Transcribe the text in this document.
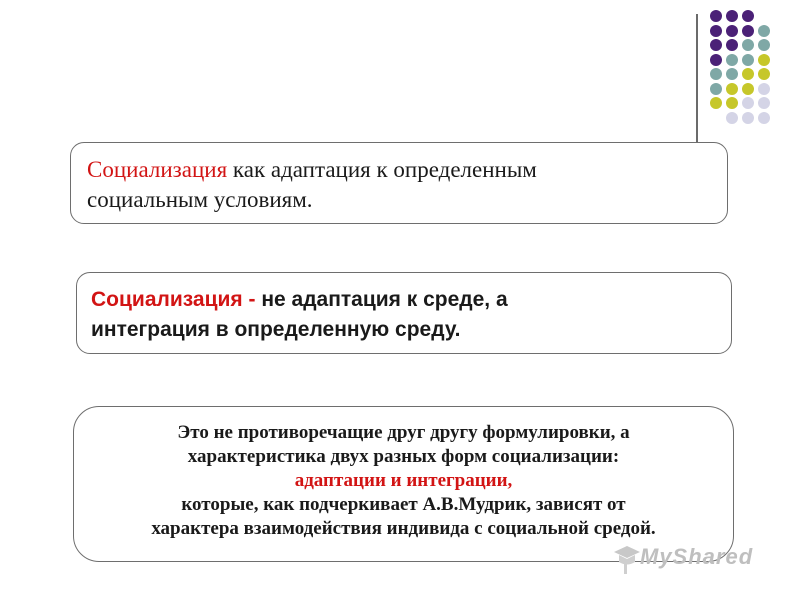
Социализация как адаптация к определенным
социальным условиям.
Социализация - не адаптация к среде, а
интеграция в определенную среду.
Это не противоречащие друг другу формулировки, а
характеристика двух разных форм социализации:
адаптации и интеграции,
которые, как подчеркивает А.В.Мудрик, зависят от
характера взаимодействия индивида с социальной средой.
MyShared
